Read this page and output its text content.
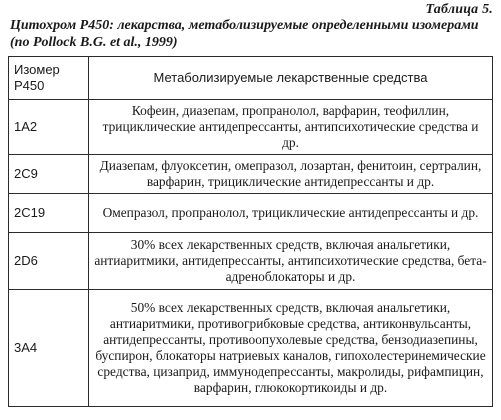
Таблица 5.
Цитохром Р450: лекарства, метаболизируемые определенными изомерами (по Pollock B.G. et al., 1999)
Изомер Р450	Метаболизируемые лекарственные средства
1A2	Кофеин, диазепам, пропранолол, варфарин, теофиллин, трициклические антидепрессанты, антипсихотические средства и др.
2C9	Диазепам, флуоксетин, омепразол, лозартан, фенитоин, сертралин, варфарин, трициклические антидепрессанты и др.
2C19	Омепразол, пропранолол, трициклические антидепрессанты и др.
2D6	30% всех лекарственных средств, включая анальгетики, антиаритмики, антидепрессанты, антипсихотические средства, бета-адреноблокаторы и др.
3A4	50% всех лекарственных средств, включая анальгетики, антиаритмики, противогрибковые средства, антиконвульсанты, антидепрессанты, противоопухолевые средства, бензодиазепины, буспирон, блокаторы натриевых каналов, гипохолестеринемические средства, цизаприд, иммунодепрессанты, макролиды, рифампицин, варфарин, глюкокортикоиды и др.
